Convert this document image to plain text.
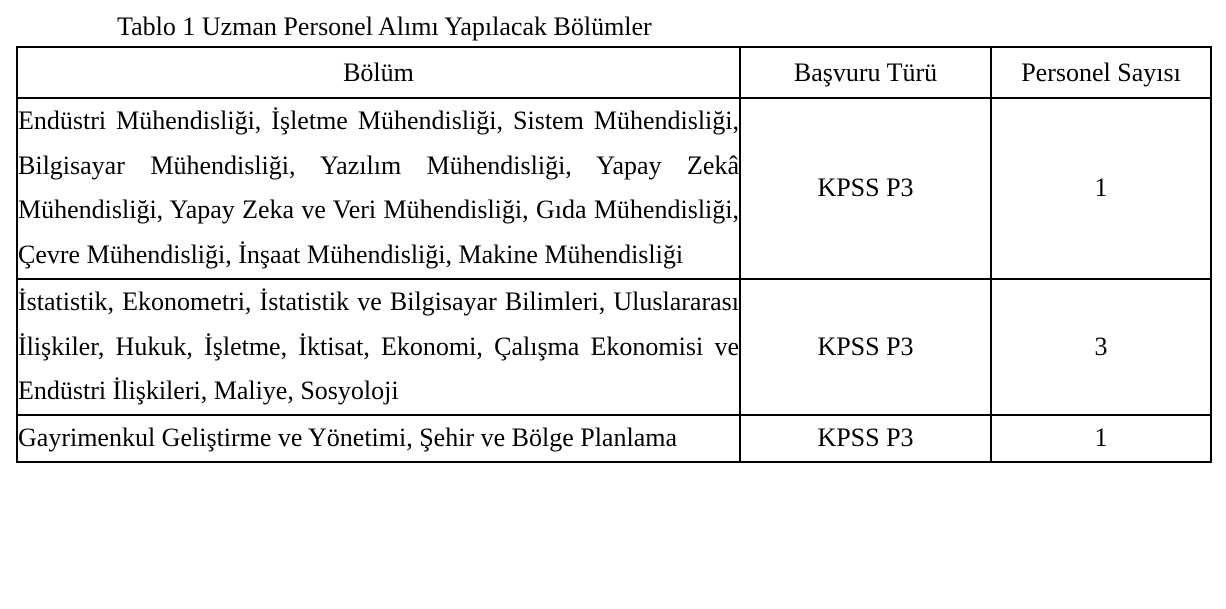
Tablo 1 Uzman Personel Alımı Yapılacak Bölümler
Bölüm	Başvuru Türü	Personel Sayısı
Endüstri Mühendisliği, İşletme Mühendisliği, Sistem Mühendisliği, Bilgisayar Mühendisliği, Yazılım Mühendisliği, Yapay Zekâ Mühendisliği, Yapay Zeka ve Veri Mühendisliği, Gıda Mühendisliği, Çevre Mühendisliği, İnşaat Mühendisliği, Makine Mühendisliği	KPSS P3	1
İstatistik, Ekonometri, İstatistik ve Bilgisayar Bilimleri, Uluslararası İlişkiler, Hukuk, İşletme, İktisat, Ekonomi, Çalışma Ekonomisi ve Endüstri İlişkileri, Maliye, Sosyoloji	KPSS P3	3
Gayrimenkul Geliştirme ve Yönetimi, Şehir ve Bölge Planlama	KPSS P3	1
